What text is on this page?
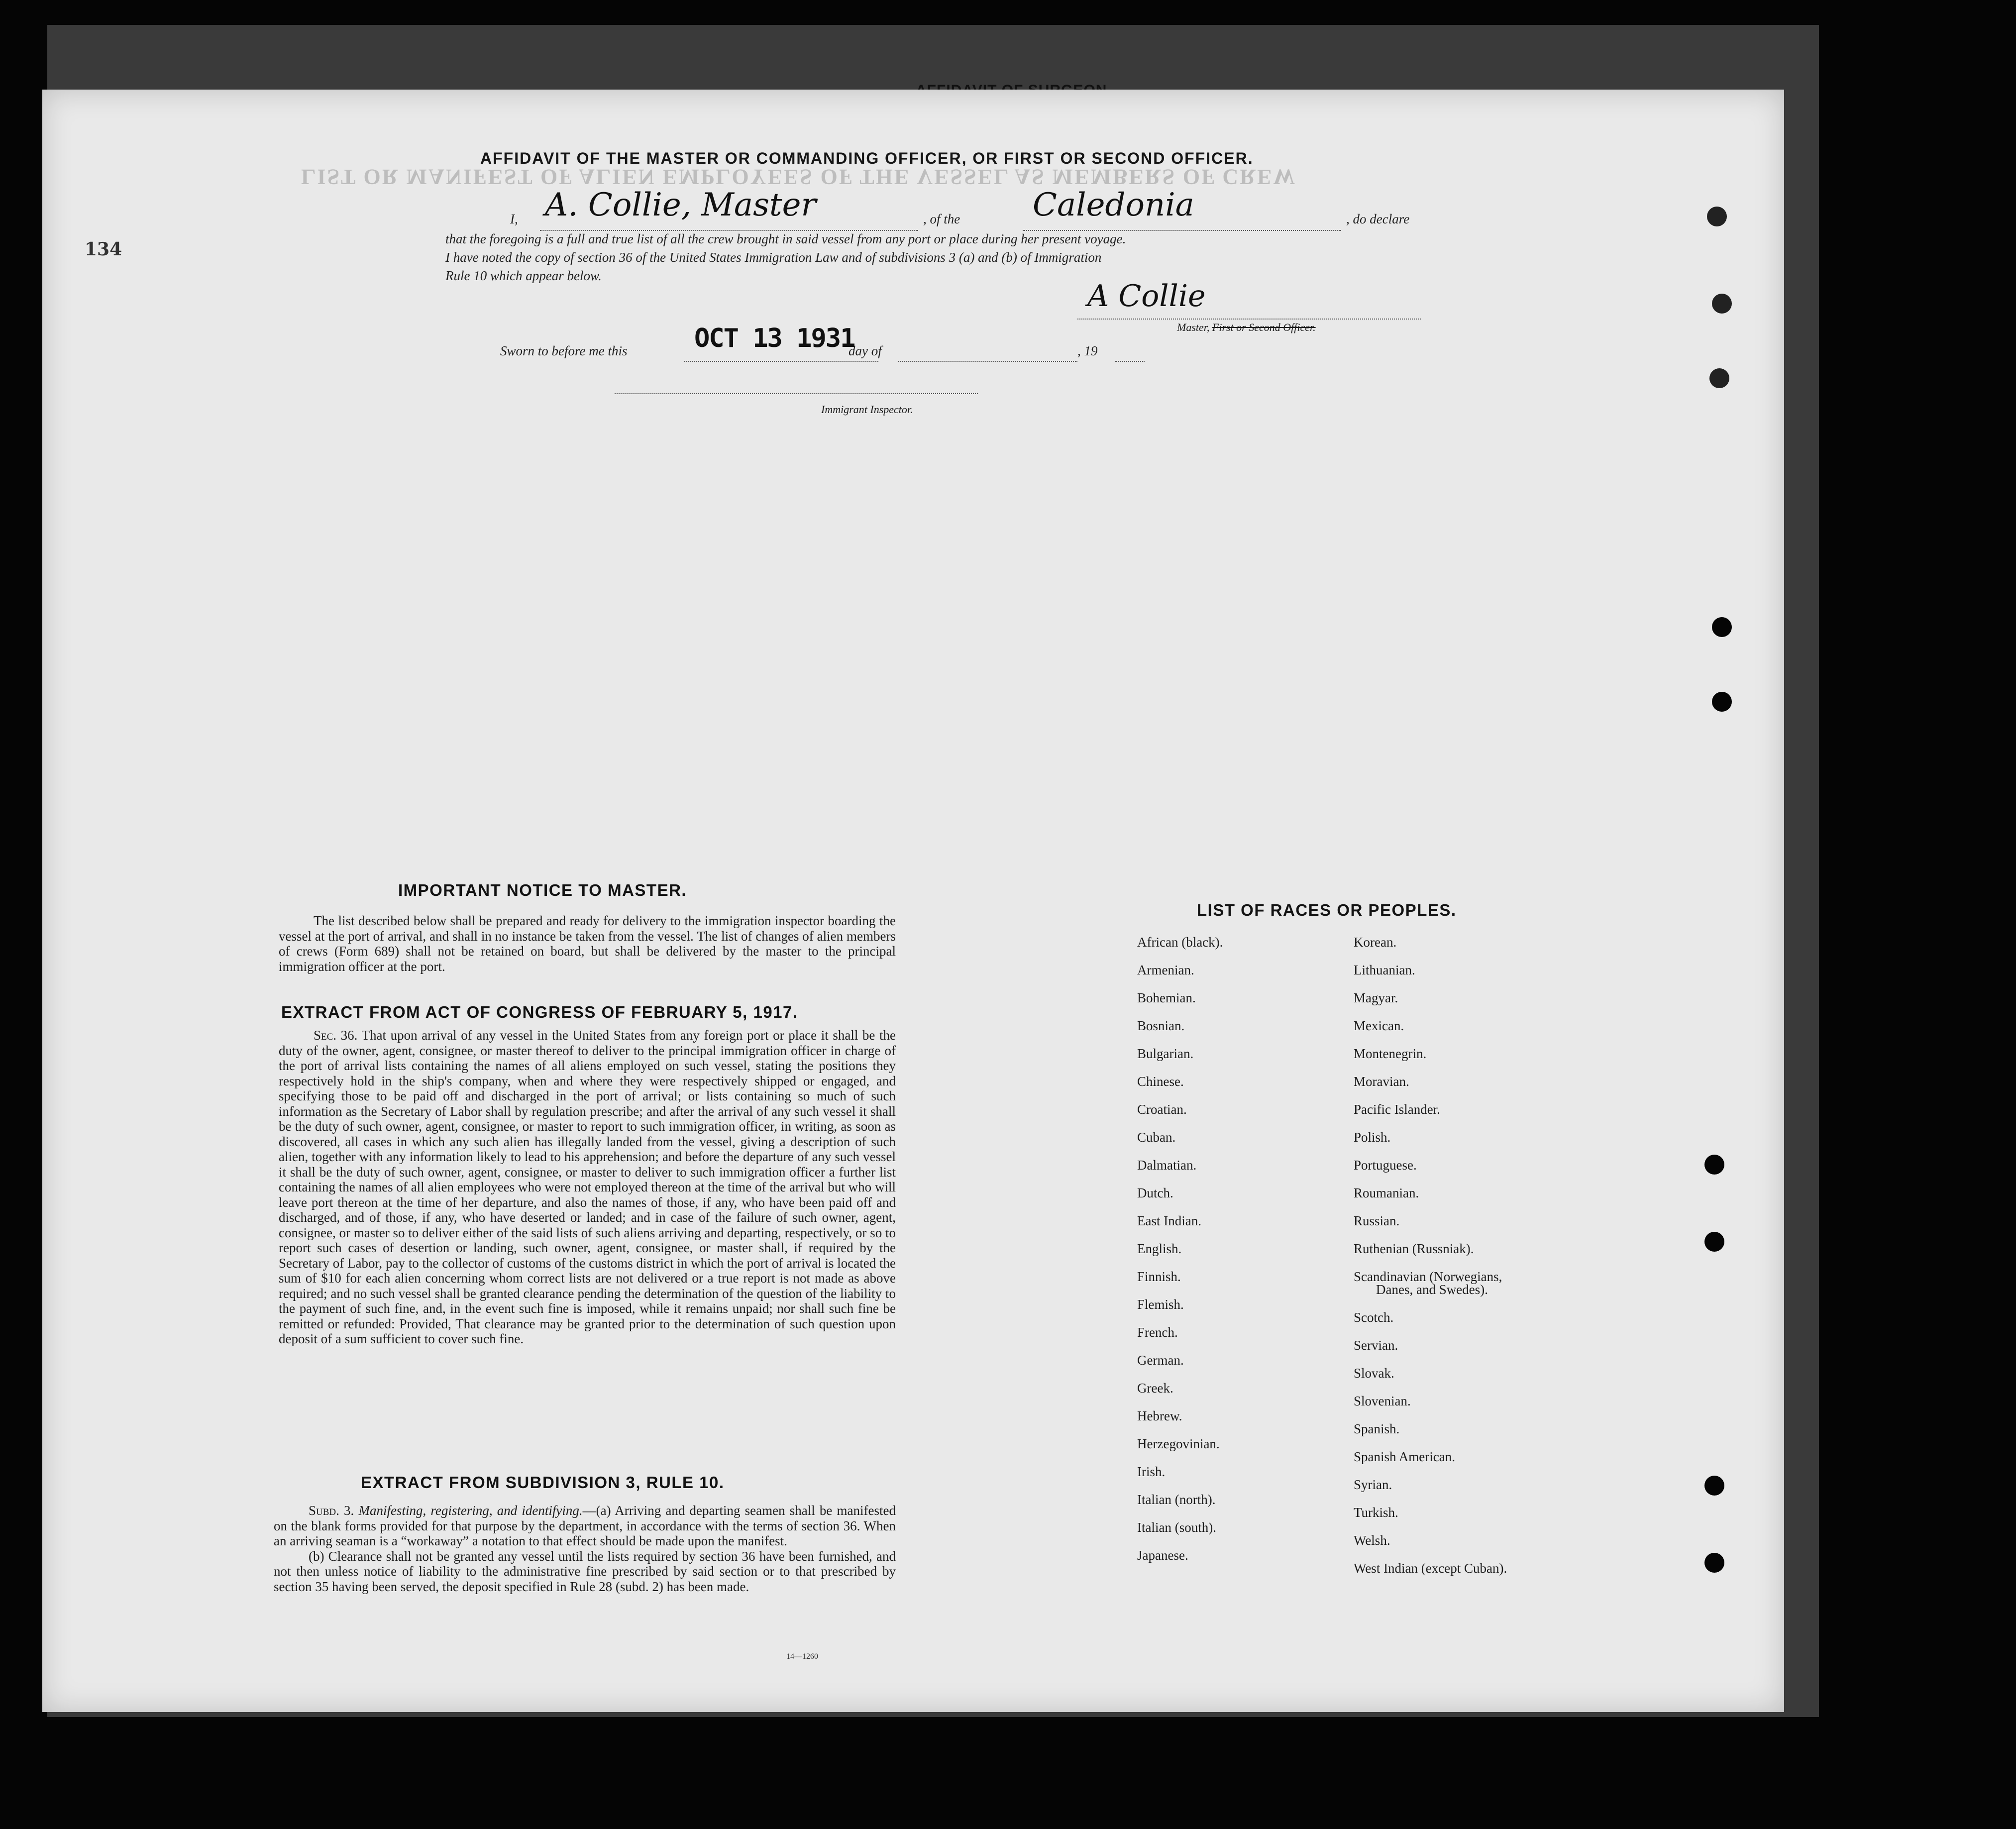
LIST OR MANIFEST OF ALIEN EMPLOYEES OF THE VESSEL AS MEMBERS OF CREW
134
AFFIDAVIT OF THE MASTER OR COMMANDING OFFICER, OR FIRST OR SECOND OFFICER.
I, A. Collie, Master	, of the Caledonia	, do declare
that the foregoing is a full and true list of all the crew brought in said vessel from any port or place during her present voyage.
I have noted the copy of section 36 of the United States Immigration Law and of subdivisions 3 (a) and (b) of Immigration
Rule 10 which appear below.
A Collie
Master, First or Second Officer.
Sworn to before me this	OCT 13 1931
day of	, 19
Immigrant Inspector.
IMPORTANT NOTICE TO MASTER.

The list described below shall be prepared and ready for delivery to the immigration inspector boarding the vessel at the port of arrival, and shall in no instance be taken from the vessel. The list of changes of alien members of crews (Form 689) shall not be retained on board, but shall be delivered by the master to the principal immigration officer at the port.

EXTRACT FROM ACT OF CONGRESS OF FEBRUARY 5, 1917.

Sec. 36. That upon arrival of any vessel in the United States from any foreign port or place it shall be the duty of the owner, agent, consignee, or master thereof to deliver to the principal immigration officer in charge of the port of arrival lists containing the names of all aliens employed on such vessel, stating the positions they respectively hold in the ship's company, when and where they were respectively shipped or engaged, and specifying those to be paid off and discharged in the port of arrival; or lists containing so much of such information as the Secretary of Labor shall by regulation prescribe; and after the arrival of any such vessel it shall be the duty of such owner, agent, consignee, or master to report to such immigration officer, in writing, as soon as discovered, all cases in which any such alien has illegally landed from the vessel, giving a description of such alien, together with any information likely to lead to his apprehension; and before the departure of any such vessel it shall be the duty of such owner, agent, consignee, or master to deliver to such immigration officer a further list containing the names of all alien employees who were not employed thereon at the time of the arrival but who will leave port thereon at the time of her departure, and also the names of those, if any, who have been paid off and discharged, and of those, if any, who have deserted or landed; and in case of the failure of such owner, agent, consignee, or master so to deliver either of the said lists of such aliens arriving and departing, respectively, or so to report such cases of desertion or landing, such owner, agent, consignee, or master shall, if required by the Secretary of Labor, pay to the collector of customs of the customs district in which the port of arrival is located the sum of $10 for each alien concerning whom correct lists are not delivered or a true report is not made as above required; and no such vessel shall be granted clearance pending the determination of the question of the liability to the payment of such fine, and, in the event such fine is imposed, while it remains unpaid; nor shall such fine be remitted or refunded: Provided, That clearance may be granted prior to the determination of such question upon deposit of a sum sufficient to cover such fine.

EXTRACT FROM SUBDIVISION 3, RULE 10.

Subd. 3. Manifesting, registering, and identifying.—(a) Arriving and departing seamen shall be manifested on the blank forms provided for that purpose by the department, in accordance with the terms of section 36. When an arriving seaman is a “workaway” a notation to that effect should be made upon the manifest.

(b) Clearance shall not be granted any vessel until the lists required by section 36 have been furnished, and not then unless notice of liability to the administrative fine prescribed by said section or to that prescribed by section 35 having been served, the deposit specified in Rule 28 (subd. 2) has been made.

14—1260
LIST OF RACES OR PEOPLES.
African (black).
Armenian.
Bohemian.
Bosnian.
Bulgarian.
Chinese.
Croatian.
Cuban.
Dalmatian.
Dutch.
East Indian.
English.
Finnish.
Flemish.
French.
German.
Greek.
Hebrew.
Herzegovinian.
Irish.
Italian (north).
Italian (south).
Japanese.
Korean.
Lithuanian.
Magyar.
Mexican.
Montenegrin.
Moravian.
Pacific Islander.
Polish.
Portuguese.
Roumanian.
Russian.
Ruthenian (Russniak).
Scandinavian (Norwegians,
Danes, and Swedes).
Scotch.
Servian.
Slovak.
Slovenian.
Spanish.
Spanish American.
Syrian.
Turkish.
Welsh.
West Indian (except Cuban).
